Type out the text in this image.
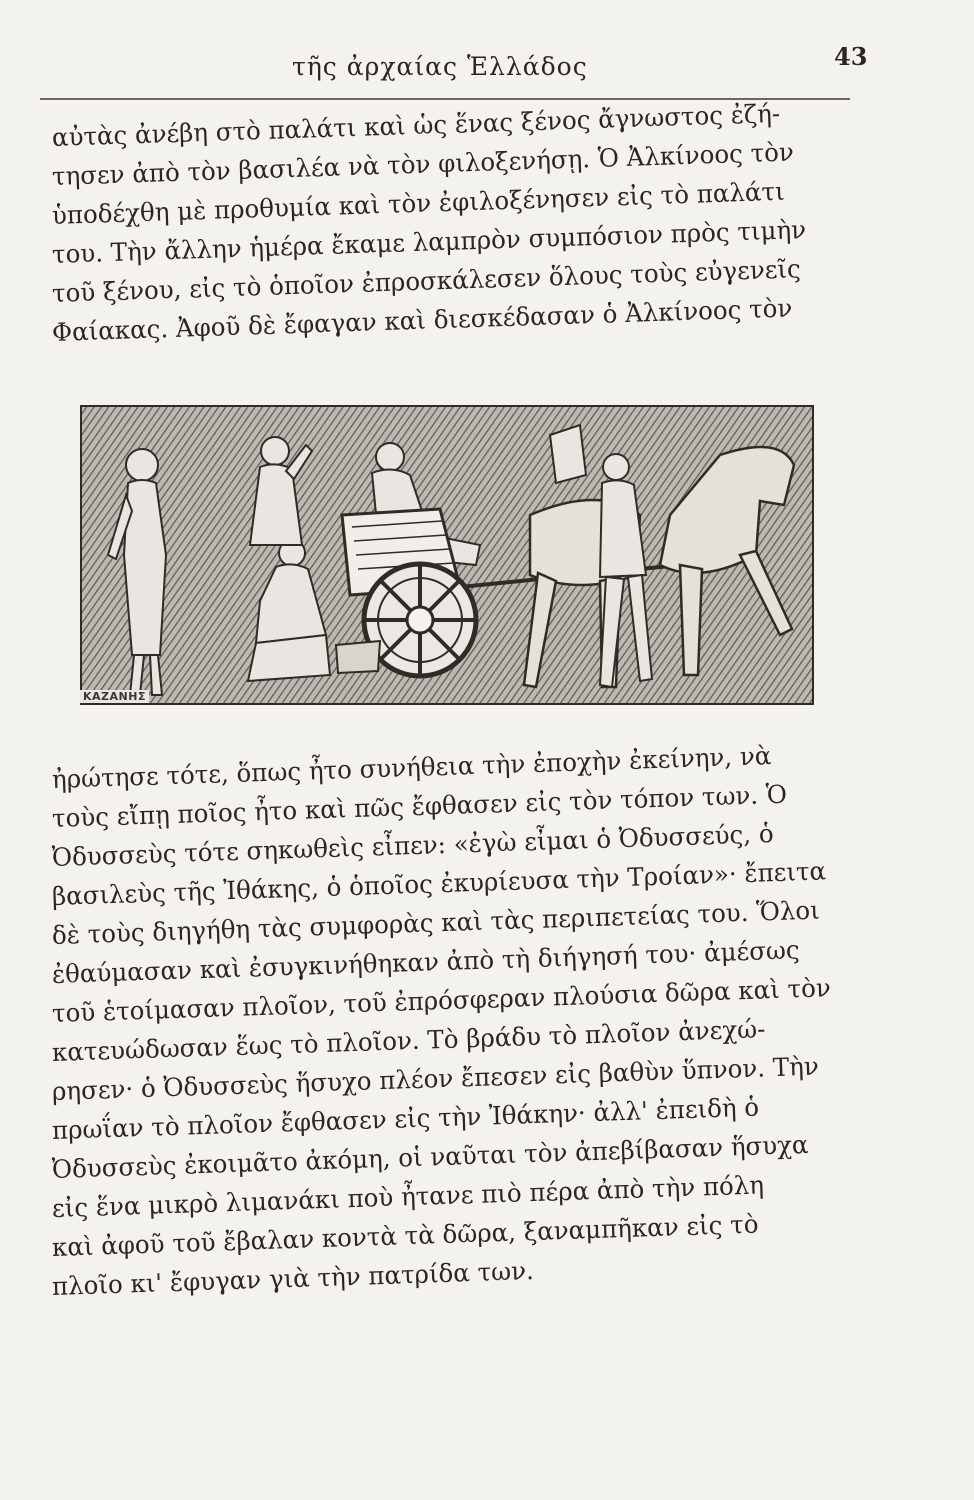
τῆς ἀρχαίας Ἑλλάδος	43
αὐτὰς ἀνέβη στὸ παλάτι καὶ ὡς ἕνας ξένος ἄγνωστος ἐζή-
τησεν ἀπὸ τὸν βασιλέα νὰ τὸν φιλοξενήσῃ. Ὁ Ἀλκίνοος τὸν
ὑποδέχθη μὲ προθυμία καὶ τὸν ἐφιλοξένησεν εἰς τὸ παλάτι
του. Τὴν ἄλλην ἡμέρα ἔκαμε λαμπρὸν συμπόσιον πρὸς τιμὴν
τοῦ ξένου, εἰς τὸ ὁποῖον ἐπροσκάλεσεν ὅλους τοὺς εὐγενεῖς
Φαίακας. Ἀφοῦ δὲ ἔφαγαν καὶ διεσκέδασαν ὁ Ἀλκίνοος τὸν
ΚΑΖΑΝΗΣ
ἠρώτησε τότε, ὅπως ἦτο συνήθεια τὴν ἐποχὴν ἐκείνην, νὰ
τοὺς εἴπῃ ποῖος ἦτο καὶ πῶς ἔφθασεν εἰς τὸν τόπον των. Ὁ
Ὀδυσσεὺς τότε σηκωθεὶς εἶπεν: «ἐγὼ εἶμαι ὁ Ὀδυσσεύς, ὁ
βασιλεὺς τῆς Ἰθάκης, ὁ ὁποῖος ἐκυρίευσα τὴν Τροίαν»· ἔπειτα
δὲ τοὺς διηγήθη τὰς συμφορὰς καὶ τὰς περιπετείας του. Ὅλοι
ἐθαύμασαν καὶ ἐσυγκινήθηκαν ἀπὸ τὴ διήγησή του· ἀμέσως
τοῦ ἑτοίμασαν πλοῖον, τοῦ ἐπρόσφεραν πλούσια δῶρα καὶ τὸν
κατευώδωσαν ἕως τὸ πλοῖον. Τὸ βράδυ τὸ πλοῖον ἀνεχώ-
ρησεν· ὁ Ὀδυσσεὺς ἥσυχο πλέον ἔπεσεν εἰς βαθὺν ὕπνον. Τὴν
πρωΐαν τὸ πλοῖον ἔφθασεν εἰς τὴν Ἰθάκην· ἀλλ' ἐπειδὴ ὁ
Ὀδυσσεὺς ἐκοιμᾶτο ἀκόμη, οἱ ναῦται τὸν ἀπεβίβασαν ἥσυχα
εἰς ἕνα μικρὸ λιμανάκι ποὺ ἦτανε πιὸ πέρα ἀπὸ τὴν πόλη
καὶ ἀφοῦ τοῦ ἔβαλαν κοντὰ τὰ δῶρα, ξαναμπῆκαν εἰς τὸ
πλοῖο κι' ἔφυγαν γιὰ τὴν πατρίδα των.
